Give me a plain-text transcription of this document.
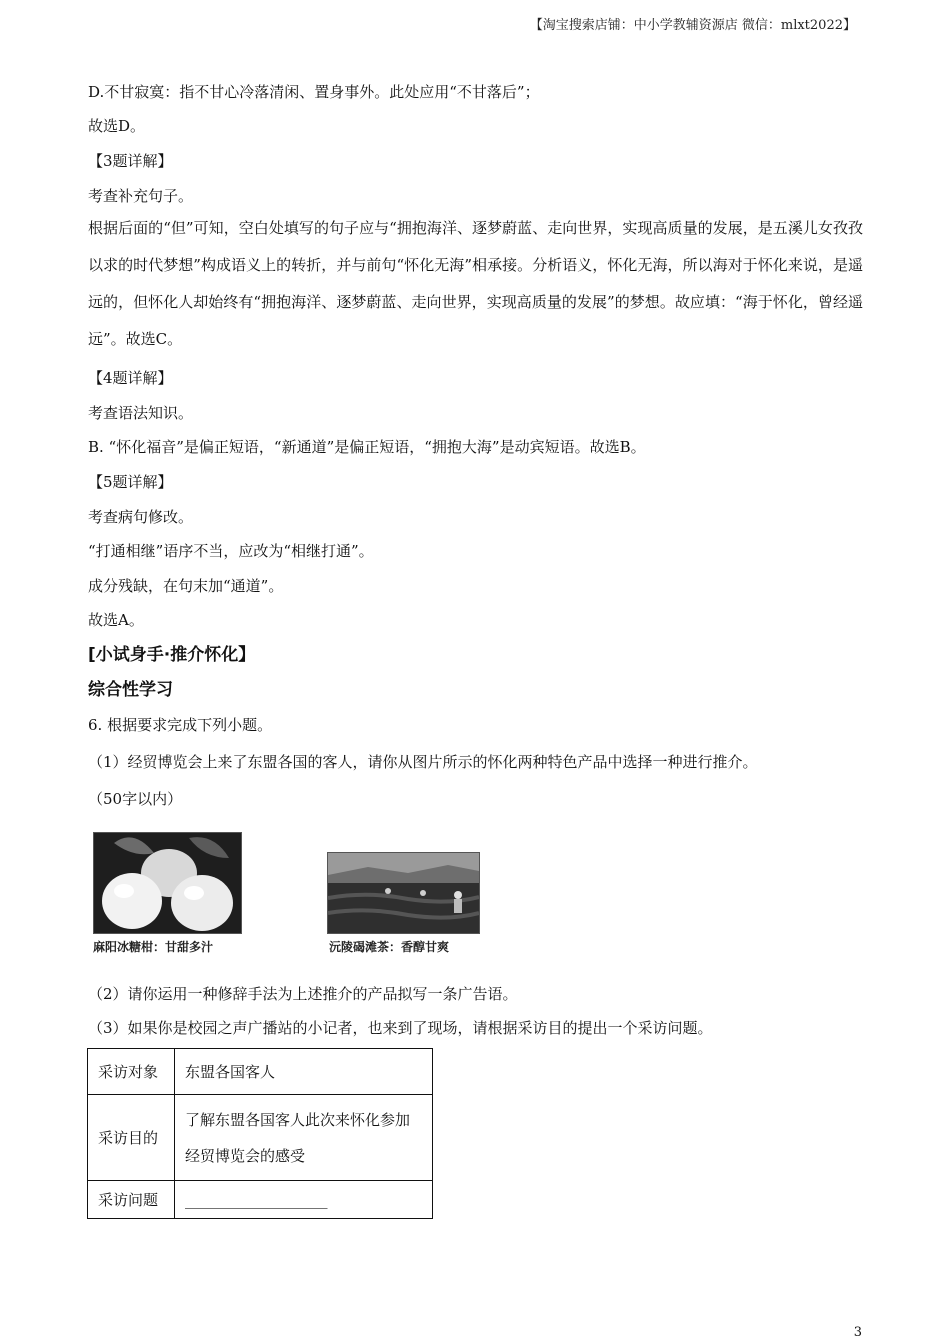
【淘宝搜索店铺：中小学教辅资源店 微信：mlxt2022】
D.不甘寂寞：指不甘心冷落清闲、置身事外。此处应用“不甘落后”；
故选D。
【3题详解】
考查补充句子。
根据后面的“但”可知，空白处填写的句子应与“拥抱海洋、逐梦蔚蓝、走向世界，实现高质量的发展，是五溪儿女孜孜以求的时代梦想”构成语义上的转折，并与前句“怀化无海”相承接。分析语义，怀化无海，所以海对于怀化来说，是遥远的，但怀化人却始终有“拥抱海洋、逐梦蔚蓝、走向世界，实现高质量的发展”的梦想。故应填：“海于怀化，曾经遥远”。故选C。
【4题详解】
考查语法知识。
B. “怀化福音”是偏正短语，“新通道”是偏正短语，“拥抱大海”是动宾短语。故选B。
【5题详解】
考查病句修改。
“打通相继”语序不当，应改为“相继打通”。
成分残缺，在句末加“通道”。
故选A。
[小试身手·推介怀化】
综合性学习
6. 根据要求完成下列小题。
（1）经贸博览会上来了东盟各国的客人，请你从图片所示的怀化两种特色产品中选择一种进行推介。
（50字以内）
麻阳冰糖柑：甘甜多汁	沅陵碣滩茶：香醇甘爽
（2）请你运用一种修辞手法为上述推介的产品拟写一条广告语。
（3）如果你是校园之声广播站的小记者，也来到了现场，请根据采访目的提出一个采访问题。
采访对象	东盟各国客人
采访目的	了解东盟各国客人此次来怀化参加经贸博览会的感受
采访问题	___________________
3
